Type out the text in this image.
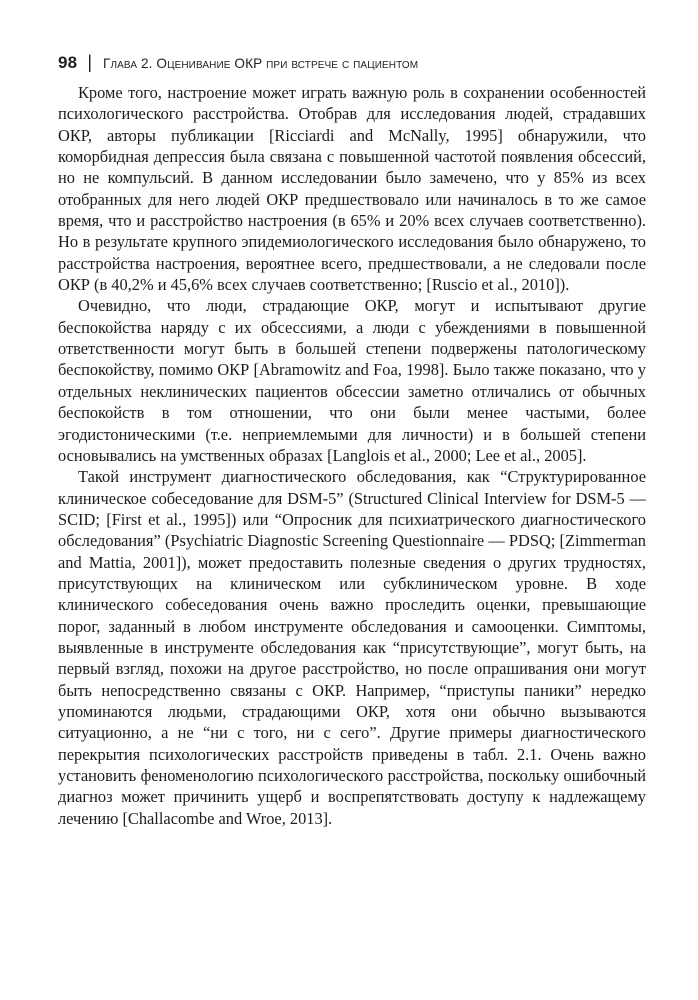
98 | Глава 2. Оценивание ОКР при встрече с пациентом

Кроме того, настроение может играть важную роль в сохранении особенностей психологического расстройства. Отобрав для исследования людей, страдавших ОКР, авторы публикации [Ricciardi and McNally, 1995] обнаружили, что коморбидная депрессия была связана с повышенной частотой появления обсессий, но не компульсий. В данном исследовании было замечено, что у 85% из всех отобранных для него людей ОКР предшествовало или начиналось в то же самое время, что и расстройство настроения (в 65% и 20% всех случаев соответственно). Но в результате крупного эпидемиологического исследования было обнаружено, то расстройства настроения, вероятнее всего, предшествовали, а не следовали после ОКР (в 40,2% и 45,6% всех случаев соответственно; [Ruscio et al., 2010]).

Очевидно, что люди, страдающие ОКР, могут и испытывают другие беспокойства наряду с их обсессиями, а люди с убеждениями в повышенной ответственности могут быть в большей степени подвержены патологическому беспокойству, помимо ОКР [Abramowitz and Foa, 1998]. Было также показано, что у отдельных неклинических пациентов обсессии заметно отличались от обычных беспокойств в том отношении, что они были менее частыми, более эгодистоническими (т.е. неприемлемыми для личности) и в большей степени основывались на умственных образах [Langlois et al., 2000; Lee et al., 2005].

Такой инструмент диагностического обследования, как “Структурированное клиническое собеседование для DSM-5” (Structured Clinical Interview for DSM-5 — SCID; [First et al., 1995]) или “Опросник для психиатрического диагностического обследования” (Psychiatric Diagnostic Screening Questionnaire — PDSQ; [Zimmerman and Mattia, 2001]), может предоставить полезные сведения о других трудностях, присутствующих на клиническом или субклиническом уровне. В ходе клинического собеседования очень важно проследить оценки, превышающие порог, заданный в любом инструменте обследования и самооценки. Симптомы, выявленные в инструменте обследования как “присутствующие”, могут быть, на первый взгляд, похожи на другое расстройство, но после опрашивания они могут быть непосредственно связаны с ОКР. Например, “приступы паники” нередко упоминаются людьми, страдающими ОКР, хотя они обычно вызываются ситуационно, а не “ни с того, ни с сего”. Другие примеры диагностического перекрытия психологических расстройств приведены в табл. 2.1. Очень важно установить феноменологию психологического расстройства, поскольку ошибочный диагноз может причинить ущерб и воспрепятствовать доступу к надлежащему лечению [Challacombe and Wroe, 2013].
